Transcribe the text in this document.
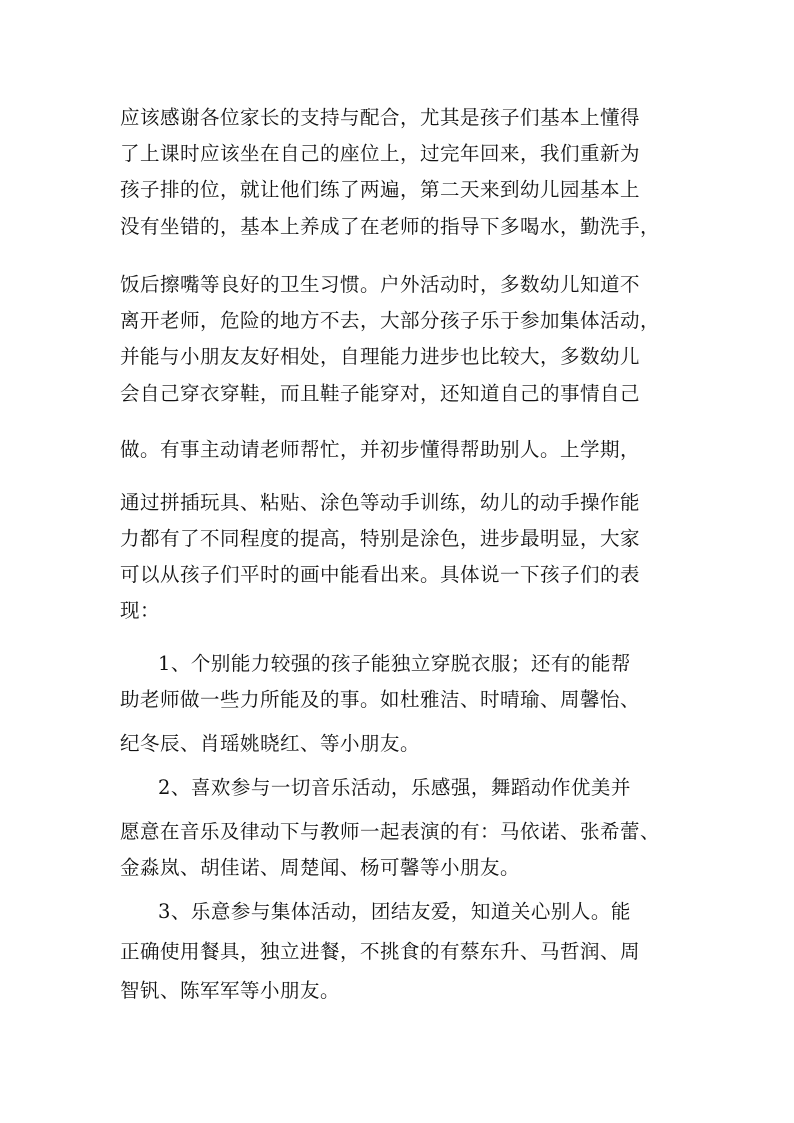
应该感谢各位家长的支持与配合，尤其是孩子们基本上懂得
了上课时应该坐在自己的座位上，过完年回来，我们重新为
孩子排的位，就让他们练了两遍，第二天来到幼儿园基本上
没有坐错的，基本上养成了在老师的指导下多喝水，勤洗手，
饭后擦嘴等良好的卫生习惯。户外活动时，多数幼儿知道不
离开老师，危险的地方不去，大部分孩子乐于参加集体活动，
并能与小朋友友好相处，自理能力进步也比较大，多数幼儿
会自己穿衣穿鞋，而且鞋子能穿对，还知道自己的事情自己
做。有事主动请老师帮忙，并初步懂得帮助别人。上学期，
通过拼插玩具、粘贴、涂色等动手训练，幼儿的动手操作能
力都有了不同程度的提高，特别是涂色，进步最明显，大家
可以从孩子们平时的画中能看出来。具体说一下孩子们的表
现：
1、个别能力较强的孩子能独立穿脱衣服；还有的能帮
助老师做一些力所能及的事。如杜雅洁、时晴瑜、周馨怡、
纪冬辰、肖瑶姚晓红、等小朋友。
2、喜欢参与一切音乐活动，乐感强，舞蹈动作优美并
愿意在音乐及律动下与教师一起表演的有：马依诺、张希蕾、
金淼岚、胡佳诺、周楚闻、杨可馨等小朋友。
3、乐意参与集体活动，团结友爱，知道关心别人。能
正确使用餐具，独立进餐，不挑食的有蔡东升、马哲润、周
智钒、陈军军等小朋友。
